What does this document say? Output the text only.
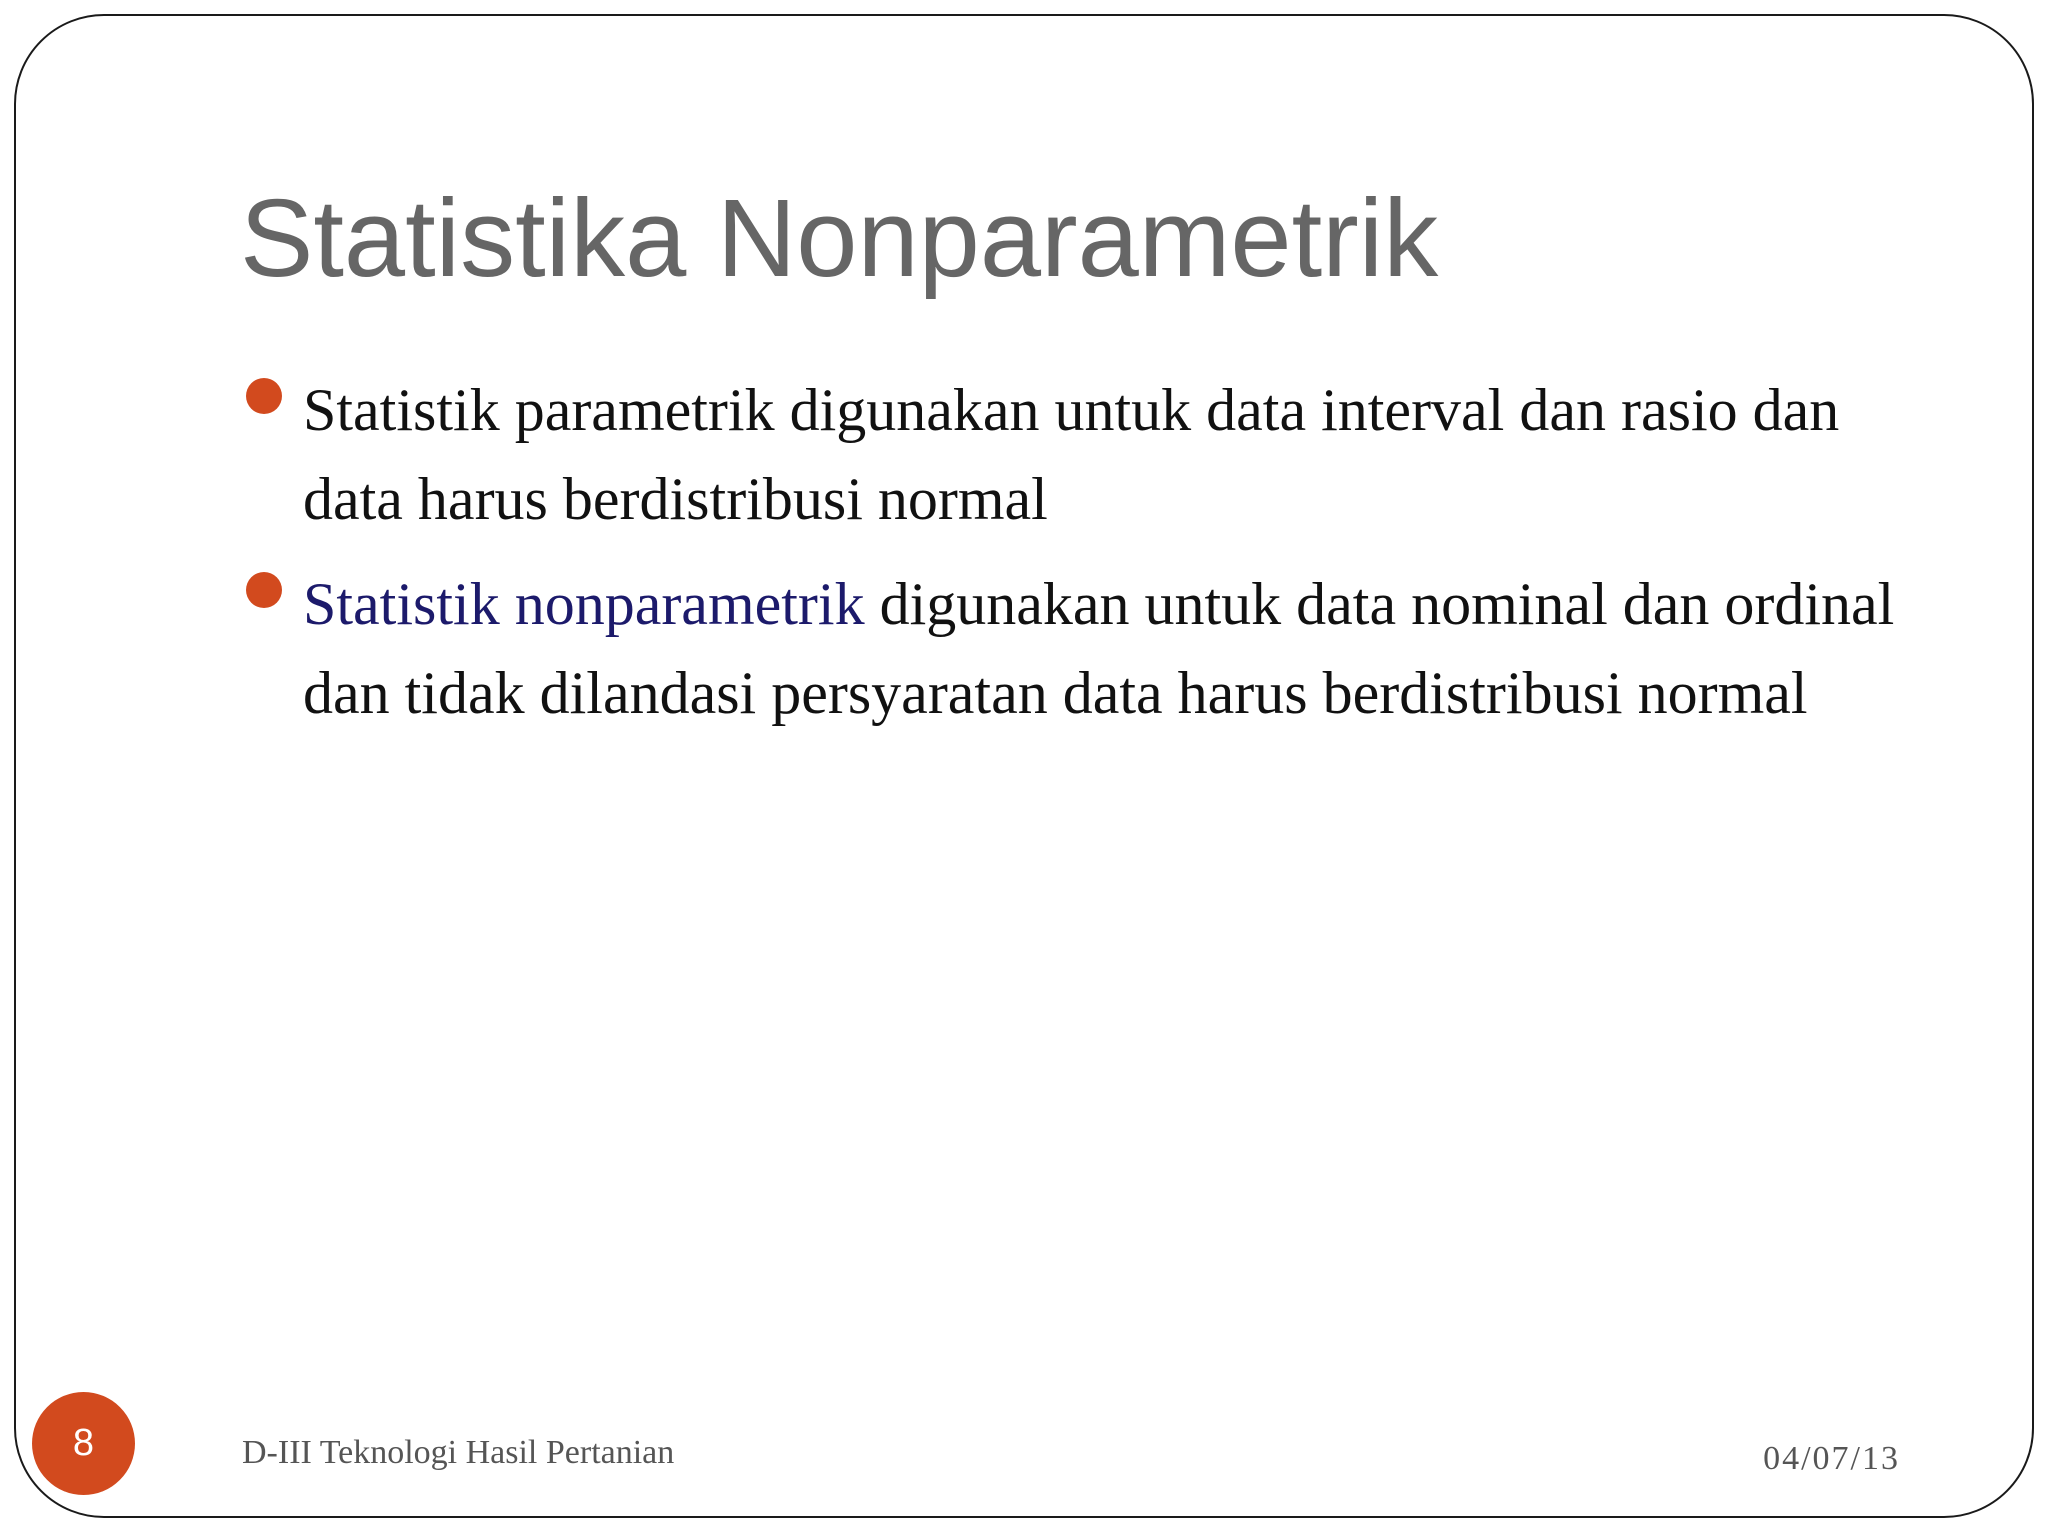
Statistika Nonparametrik
Statistik parametrik digunakan untuk data interval dan rasio dan data harus berdistribusi normal
Statistik nonparametrik digunakan untuk data nominal dan ordinal dan tidak dilandasi persyaratan data harus berdistribusi normal
D-III Teknologi Hasil Pertanian	04/07/13
8
